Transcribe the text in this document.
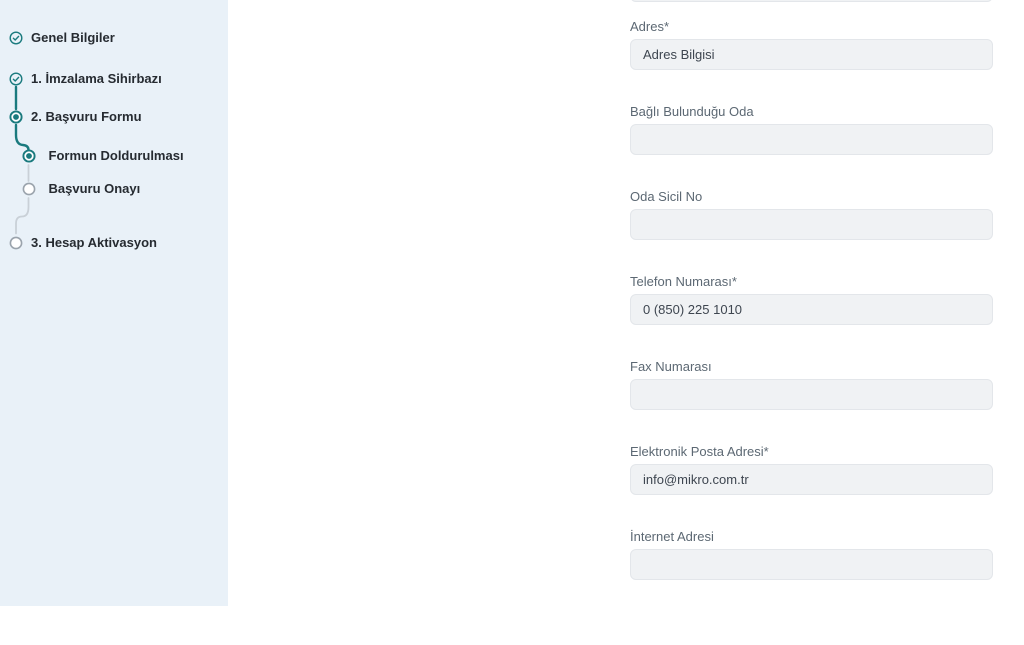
Genel Bilgiler
1. İmzalama Sihirbazı
2. Başvuru Formu
Formun Doldurulması
Başvuru Onayı
3. Hesap Aktivasyon
Adres*
Adres Bilgisi
Bağlı Bulunduğu Oda
Oda Sicil No
Telefon Numarası*
0 (850) 225 1010
Fax Numarası
Elektronik Posta Adresi*
info@mikro.com.tr
İnternet Adresi
